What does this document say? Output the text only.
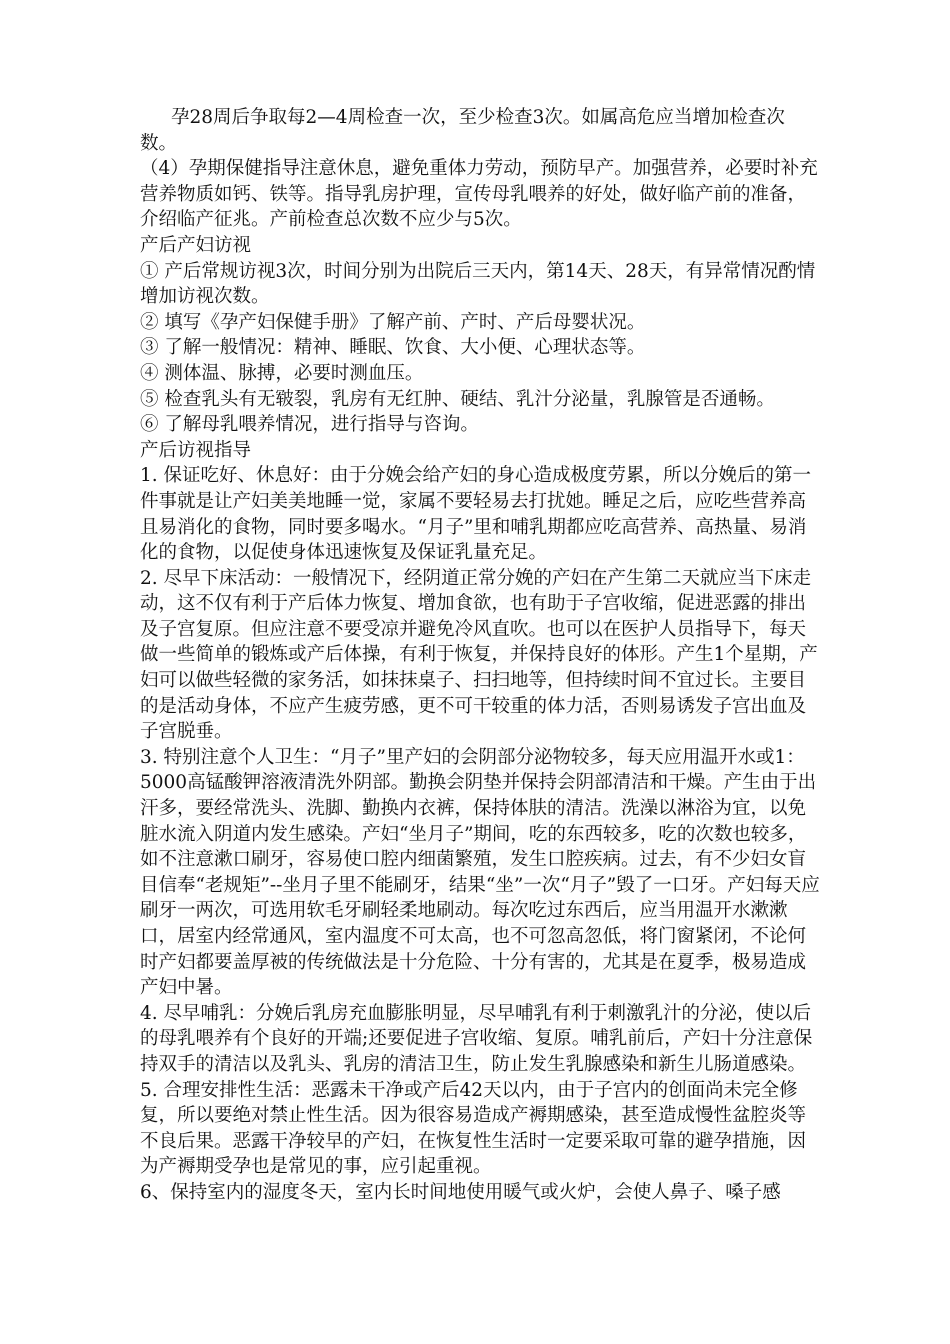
孕28周后争取每2—4周检查一次，至少检查3次。如属高危应当增加检查次数。

（4）孕期保健指导注意休息，避免重体力劳动，预防早产。加强营养，必要时补充营养物质如钙、铁等。指导乳房护理，宣传母乳喂养的好处，做好临产前的准备，介绍临产征兆。产前检查总次数不应少与5次。

产后产妇访视

① 产后常规访视3次，时间分别为出院后三天内，第14天、28天，有异常情况酌情增加访视次数。

② 填写《孕产妇保健手册》了解产前、产时、产后母婴状况。

③ 了解一般情况：精神、睡眠、饮食、大小便、心理状态等。

④ 测体温、脉搏，必要时测血压。

⑤ 检查乳头有无皲裂，乳房有无红肿、硬结、乳汁分泌量，乳腺管是否通畅。

⑥ 了解母乳喂养情况，进行指导与咨询。

产后访视指导

1. 保证吃好、休息好：由于分娩会给产妇的身心造成极度劳累，所以分娩后的第一件事就是让产妇美美地睡一觉，家属不要轻易去打扰她。睡足之后，应吃些营养高且易消化的食物，同时要多喝水。“月子”里和哺乳期都应吃高营养、高热量、易消化的食物，以促使身体迅速恢复及保证乳量充足。

2. 尽早下床活动：一般情况下，经阴道正常分娩的产妇在产生第二天就应当下床走动，这不仅有利于产后体力恢复、增加食欲，也有助于子宫收缩，促进恶露的排出及子宫复原。但应注意不要受凉并避免冷风直吹。也可以在医护人员指导下，每天做一些简单的锻炼或产后体操，有利于恢复，并保持良好的体形。产生1个星期，产妇可以做些轻微的家务活，如抹抹桌子、扫扫地等，但持续时间不宜过长。主要目的是活动身体，不应产生疲劳感，更不可干较重的体力活，否则易诱发子宫出血及子宫脱垂。

3. 特别注意个人卫生：“月子”里产妇的会阴部分泌物较多，每天应用温开水或1：5000高锰酸钾溶液清洗外阴部。勤换会阴垫并保持会阴部清洁和干燥。产生由于出汗多，要经常洗头、洗脚、勤换内衣裤，保持体肤的清洁。洗澡以淋浴为宜，以免脏水流入阴道内发生感染。产妇“坐月子”期间，吃的东西较多，吃的次数也较多，如不注意漱口刷牙，容易使口腔内细菌繁殖，发生口腔疾病。过去，有不少妇女盲目信奉“老规矩”--坐月子里不能刷牙，结果“坐”一次“月子”毁了一口牙。产妇每天应刷牙一两次，可选用软毛牙刷轻柔地刷动。每次吃过东西后，应当用温开水漱漱口，居室内经常通风，室内温度不可太高，也不可忽高忽低，将门窗紧闭，不论何时产妇都要盖厚被的传统做法是十分危险、十分有害的，尤其是在夏季，极易造成产妇中暑。

4. 尽早哺乳：分娩后乳房充血膨胀明显，尽早哺乳有利于刺激乳汁的分泌，使以后的母乳喂养有个良好的开端;还要促进子宫收缩、复原。哺乳前后，产妇十分注意保持双手的清洁以及乳头、乳房的清洁卫生，防止发生乳腺感染和新生儿肠道感染。

5. 合理安排性生活：恶露未干净或产后42天以内，由于子宫内的创面尚未完全修复，所以要绝对禁止性生活。因为很容易造成产褥期感染，甚至造成慢性盆腔炎等不良后果。恶露干净较早的产妇，在恢复性生活时一定要采取可靠的避孕措施，因为产褥期受孕也是常见的事，应引起重视。

6、保持室内的湿度冬天，室内长时间地使用暖气或火炉，会使人鼻子、嗓子感
